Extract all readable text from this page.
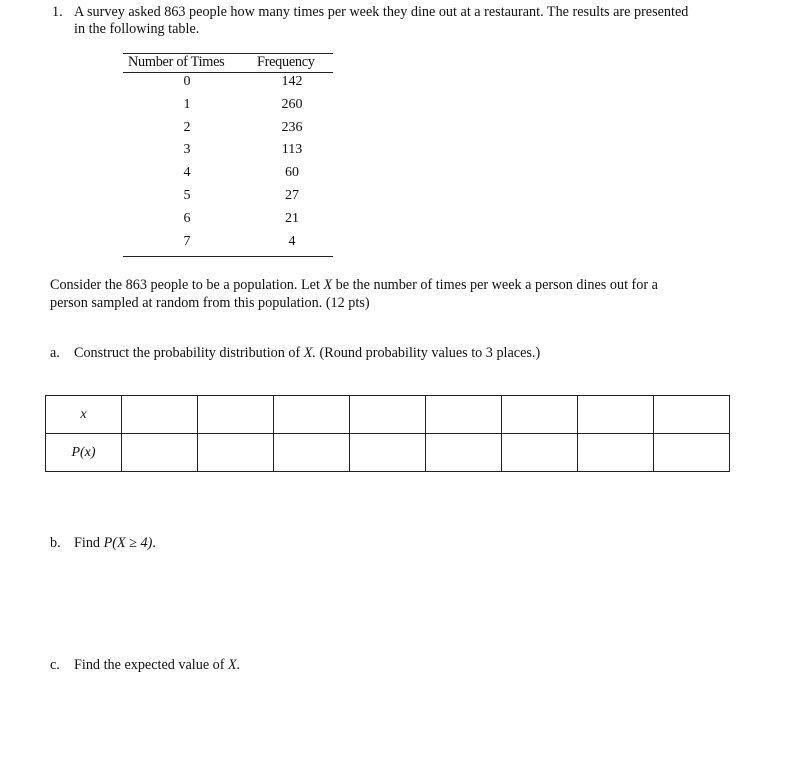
1. A survey asked 863 people how many times per week they dine out at a restaurant. The results are presented
in the following table.
Number of Times Frequency
0	142
1	260
2	236
3	113
4	60
5	27
6	21
7	4
Consider the 863 people to be a population. Let X be the number of times per week a person dines out for a
person sampled at random from this population. (12 pts)
a. Construct the probability distribution of X. (Round probability values to 3 places.)
x								
P(x)								
b. Find P(X ≥ 4).
c. Find the expected value of X.
